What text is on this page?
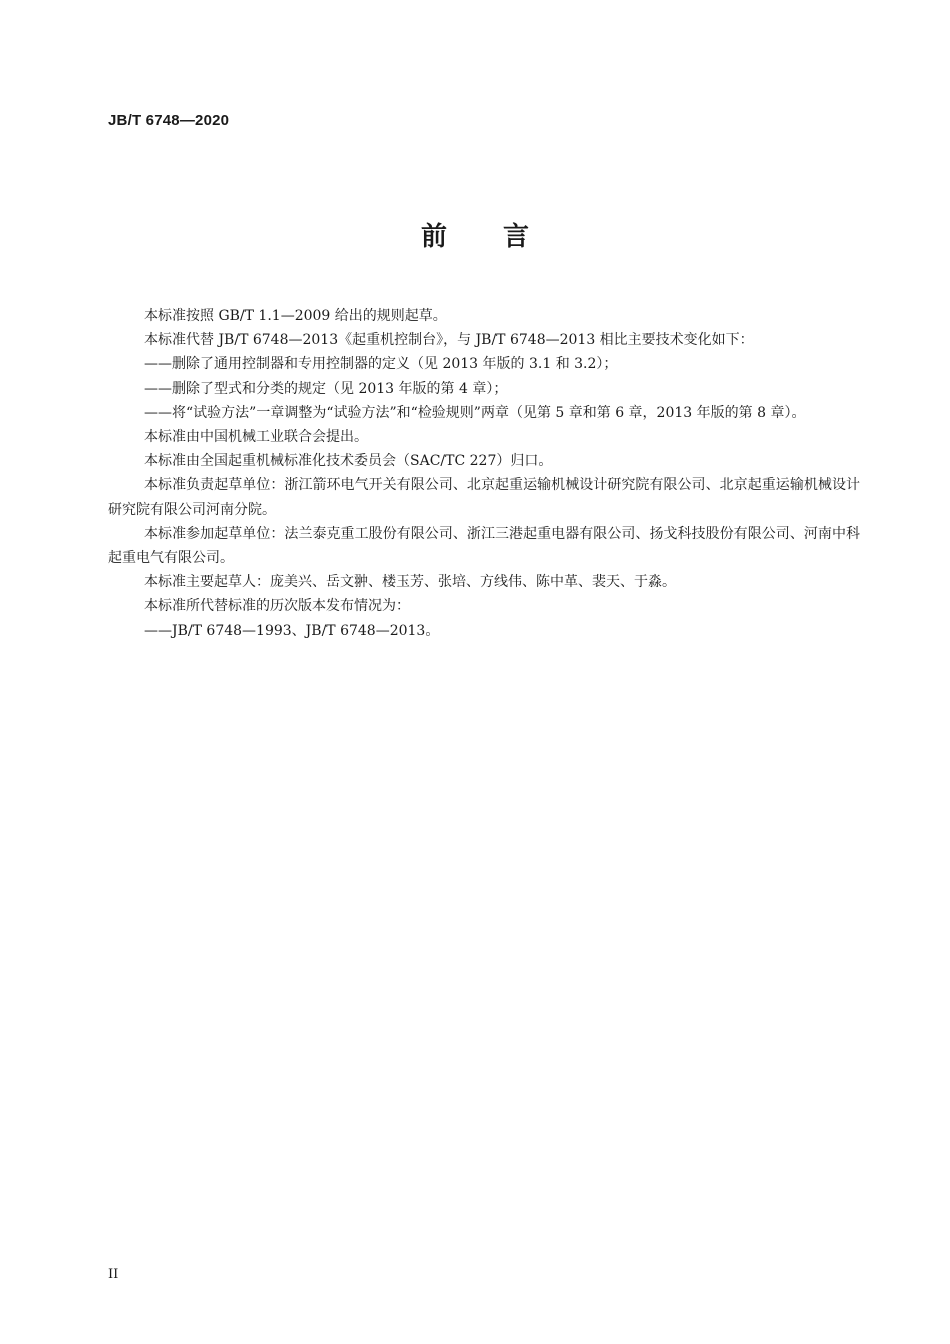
JB/T 6748—2020
前 言

本标准按照 GB/T 1.1—2009 给出的规则起草。

本标准代替 JB/T 6748—2013《起重机控制台》，与 JB/T 6748—2013 相比主要技术变化如下：

——删除了通用控制器和专用控制器的定义（见 2013 年版的 3.1 和 3.2）；

——删除了型式和分类的规定（见 2013 年版的第 4 章）；

——将“试验方法”一章调整为“试验方法”和“检验规则”两章（见第 5 章和第 6 章，2013 年版的第 8 章）。

本标准由中国机械工业联合会提出。

本标准由全国起重机械标准化技术委员会（SAC/TC 227）归口。

本标准负责起草单位：浙江箭环电气开关有限公司、北京起重运输机械设计研究院有限公司、北京起重运输机械设计研究院有限公司河南分院。

本标准参加起草单位：法兰泰克重工股份有限公司、浙江三港起重电器有限公司、扬戈科技股份有限公司、河南中科起重电气有限公司。

本标准主要起草人：庞美兴、岳文翀、楼玉芳、张培、方线伟、陈中革、裴天、于淼。

本标准所代替标准的历次版本发布情况为：

——JB/T 6748—1993、JB/T 6748—2013。

II
